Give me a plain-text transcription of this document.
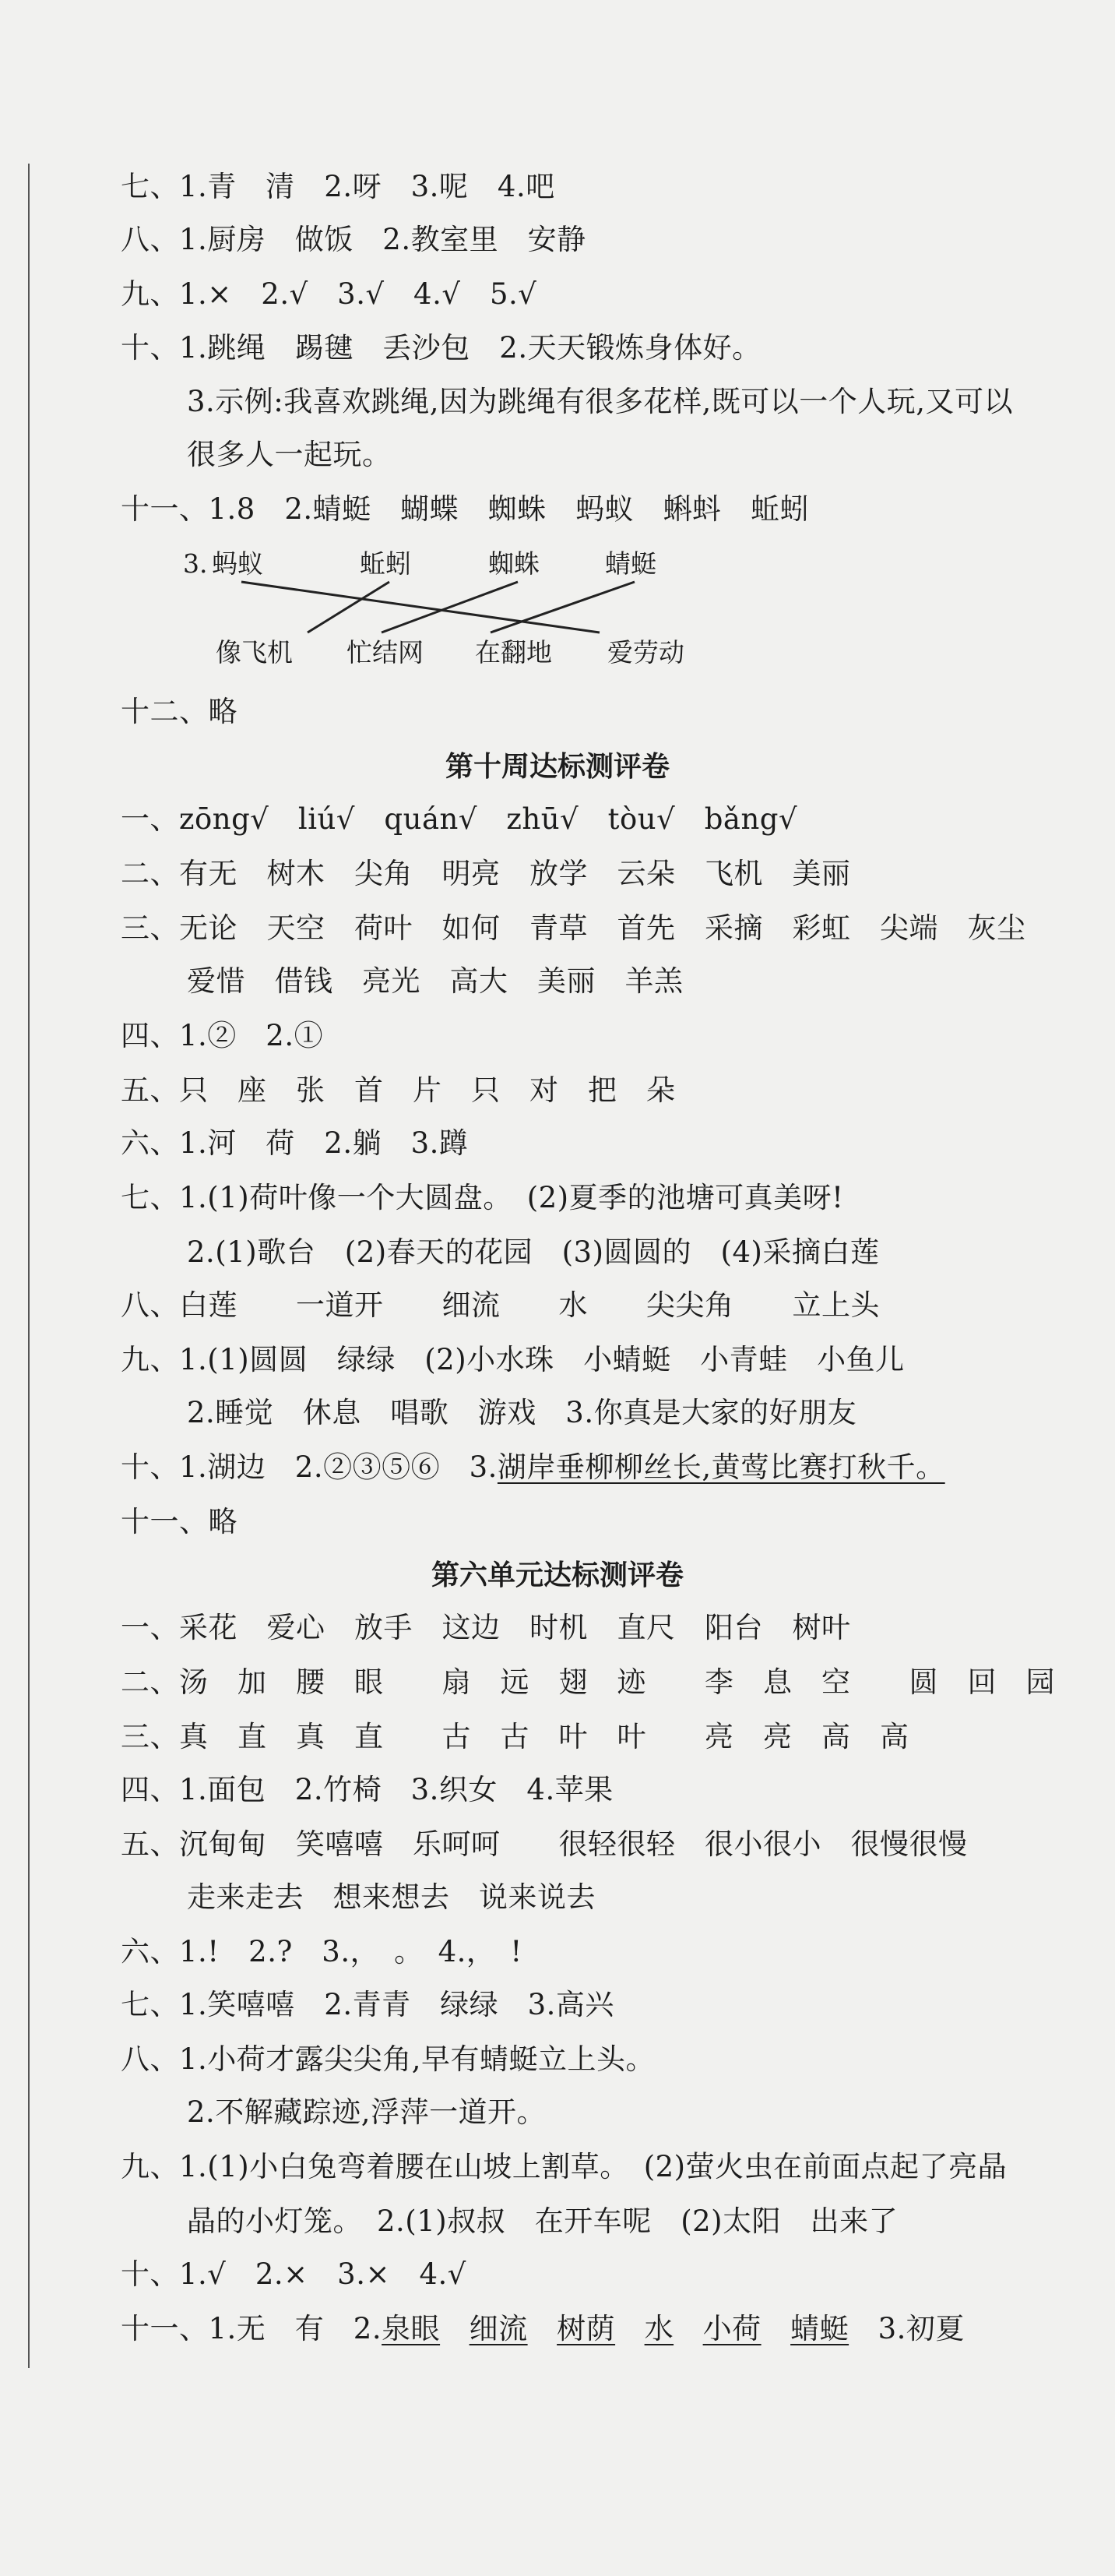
七、1.青　清　2.呀　3.呢　4.吧
八、1.厨房　做饭　2.教室里　安静
九、1.×　2.√　3.√　4.√　5.√
十、1.跳绳　踢毽　丢沙包　2.天天锻炼身体好。
3.示例:我喜欢跳绳,因为跳绳有很多花样,既可以一个人玩,又可以
很多人一起玩。
十一、1.8　2.蜻蜓　蝴蝶　蜘蛛　蚂蚁　蝌蚪　蚯蚓
3. 蚂蚁	蚯蚓	蜘蛛	蜻蜓
像飞机 忙结网 在翻地 爱劳动
十二、略
第十周达标测评卷
一、zōng√　liú√　quán√　zhū√　tòu√　bǎng√
二、有无　树木　尖角　明亮　放学　云朵　飞机　美丽
三、无论　天空　荷叶　如何　青草　首先　采摘　彩虹　尖端　灰尘
爱惜　借钱　亮光　高大　美丽　羊羔
四、1.②　2.①
五、只　座　张　首　片　只　对　把　朵
六、1.河　荷　2.躺　3.蹲
七、1.(1)荷叶像一个大圆盘。　(2)夏季的池塘可真美呀!
2.(1)歌台　(2)春天的花园　(3)圆圆的　(4)采摘白莲
八、白莲　　一道开　　细流　　水　　尖尖角　　立上头
九、1.(1)圆圆　绿绿　(2)小水珠　小蜻蜓　小青蛙　小鱼儿
2.睡觉　休息　唱歌　游戏　3.你真是大家的好朋友
十、1.湖边　2.②③⑤⑥　3.湖岸垂柳柳丝长,黄莺比赛打秋千。
十一、略
第六单元达标测评卷
一、采花　爱心　放手　这边　时机　直尺　阳台　树叶
二、汤　加　腰　眼　　扇　远　翅　迹　　李　息　空　　圆　回　园
三、真　直　真　直　　古　古　叶　叶　　亮　亮　高　高
四、1.面包　2.竹椅　3.织女　4.苹果
五、沉甸甸　笑嘻嘻　乐呵呵　　很轻很轻　很小很小　很慢很慢
走来走去　想来想去　说来说去
六、1.!　2.?　3.，　。　4.，　!
七、1.笑嘻嘻　2.青青　绿绿　3.高兴
八、1.小荷才露尖尖角,早有蜻蜓立上头。
2.不解藏踪迹,浮萍一道开。
九、1.(1)小白兔弯着腰在山坡上割草。　(2)萤火虫在前面点起了亮晶
晶的小灯笼。　2.(1)叔叔　在开车呢　(2)太阳　出来了
十、1.√　2.×　3.×　4.√
十一、1.无　有　2.泉眼　 细流　 树荫　 水　 小荷　 蜻蜓　 3.初夏
